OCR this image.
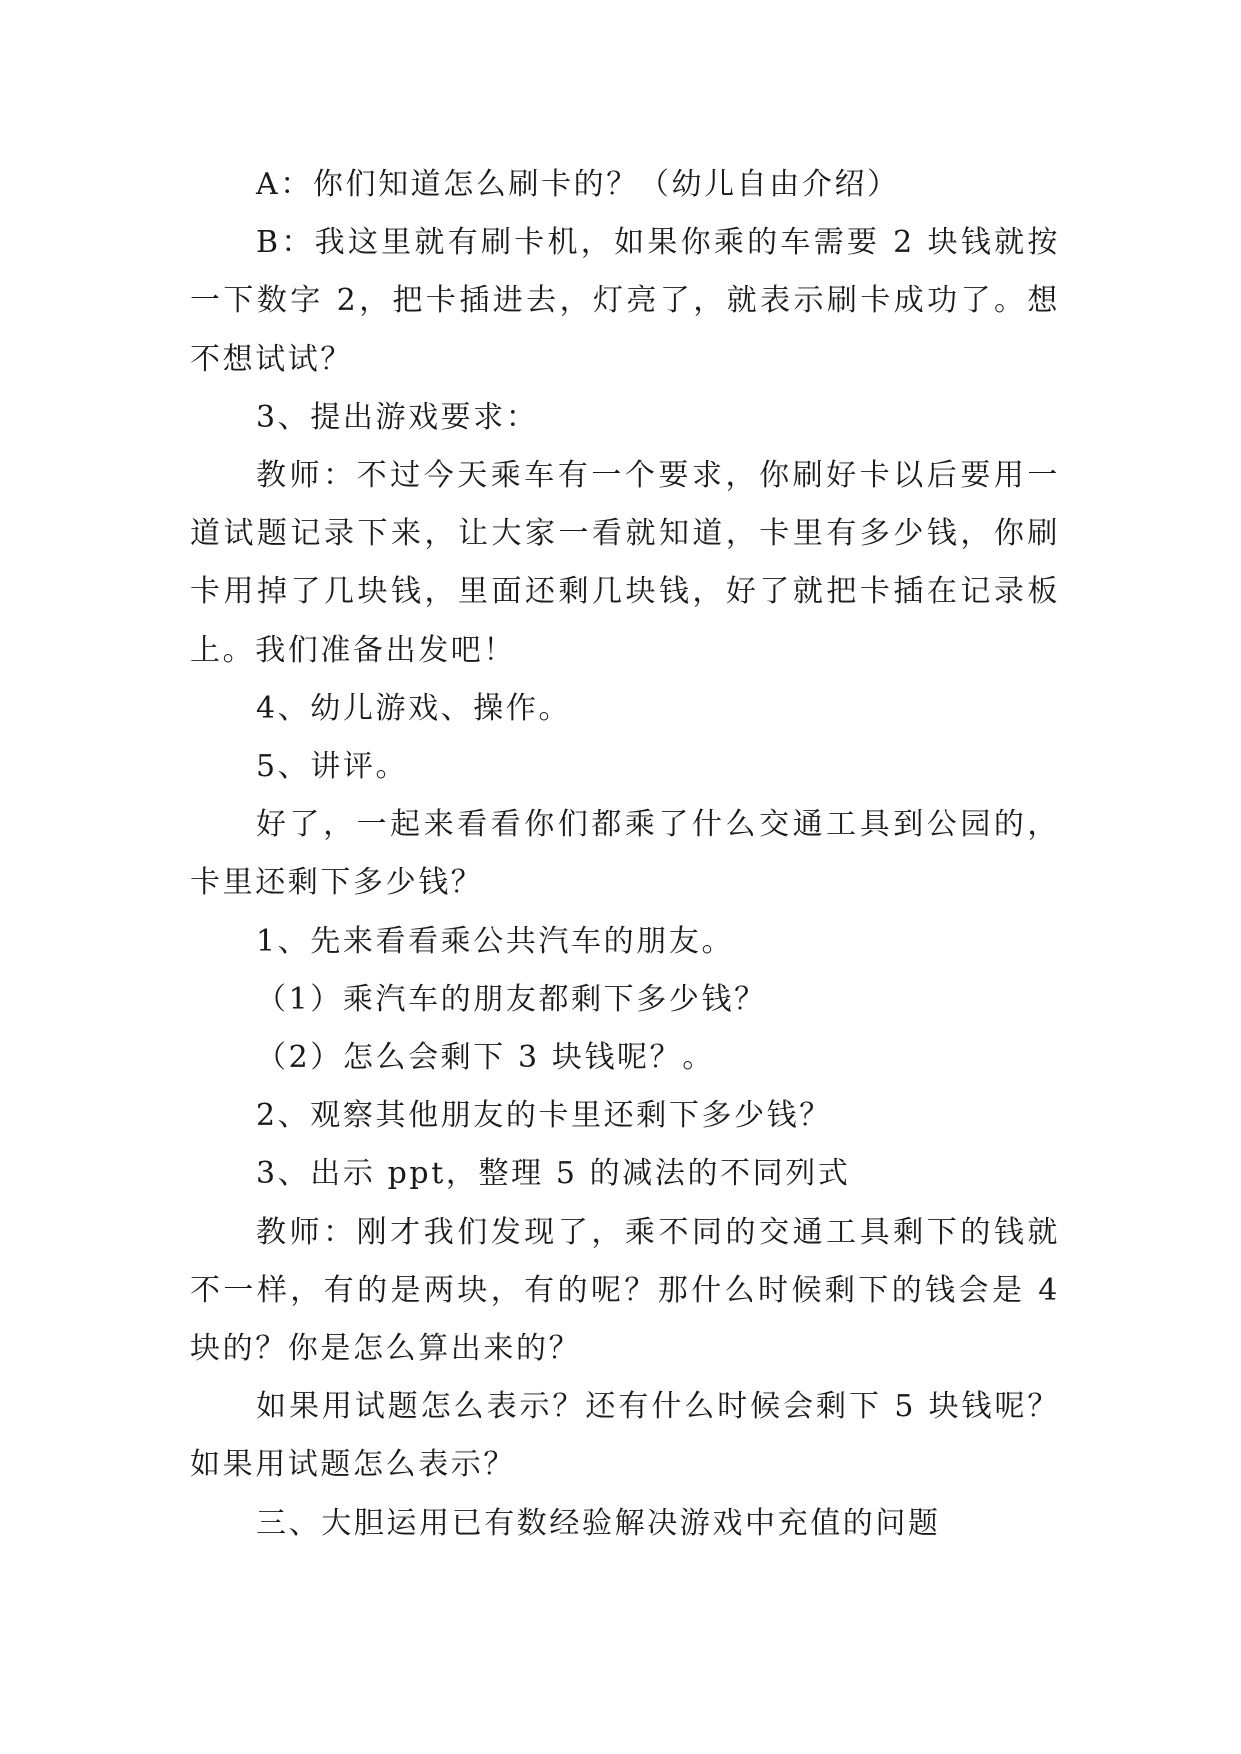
A：你们知道怎么刷卡的？（幼儿自由介绍）

B：我这里就有刷卡机，如果你乘的车需要 2 块钱就按一下数字 2，把卡插进去，灯亮了，就表示刷卡成功了。想不想试试？

3、提出游戏要求：

教师：不过今天乘车有一个要求，你刷好卡以后要用一道试题记录下来，让大家一看就知道，卡里有多少钱，你刷卡用掉了几块钱，里面还剩几块钱，好了就把卡插在记录板上。我们准备出发吧！

4、幼儿游戏、操作。

5、讲评。

好了，一起来看看你们都乘了什么交通工具到公园的，卡里还剩下多少钱？

1、先来看看乘公共汽车的朋友。

（1）乘汽车的朋友都剩下多少钱？

（2）怎么会剩下 3 块钱呢？。

2、观察其他朋友的卡里还剩下多少钱？

3、出示 ppt，整理 5 的减法的不同列式

教师：刚才我们发现了，乘不同的交通工具剩下的钱就不一样，有的是两块，有的呢？那什么时候剩下的钱会是 4 块的？你是怎么算出来的？

如果用试题怎么表示？还有什么时候会剩下 5 块钱呢？如果用试题怎么表示？

三、大胆运用已有数经验解决游戏中充值的问题
